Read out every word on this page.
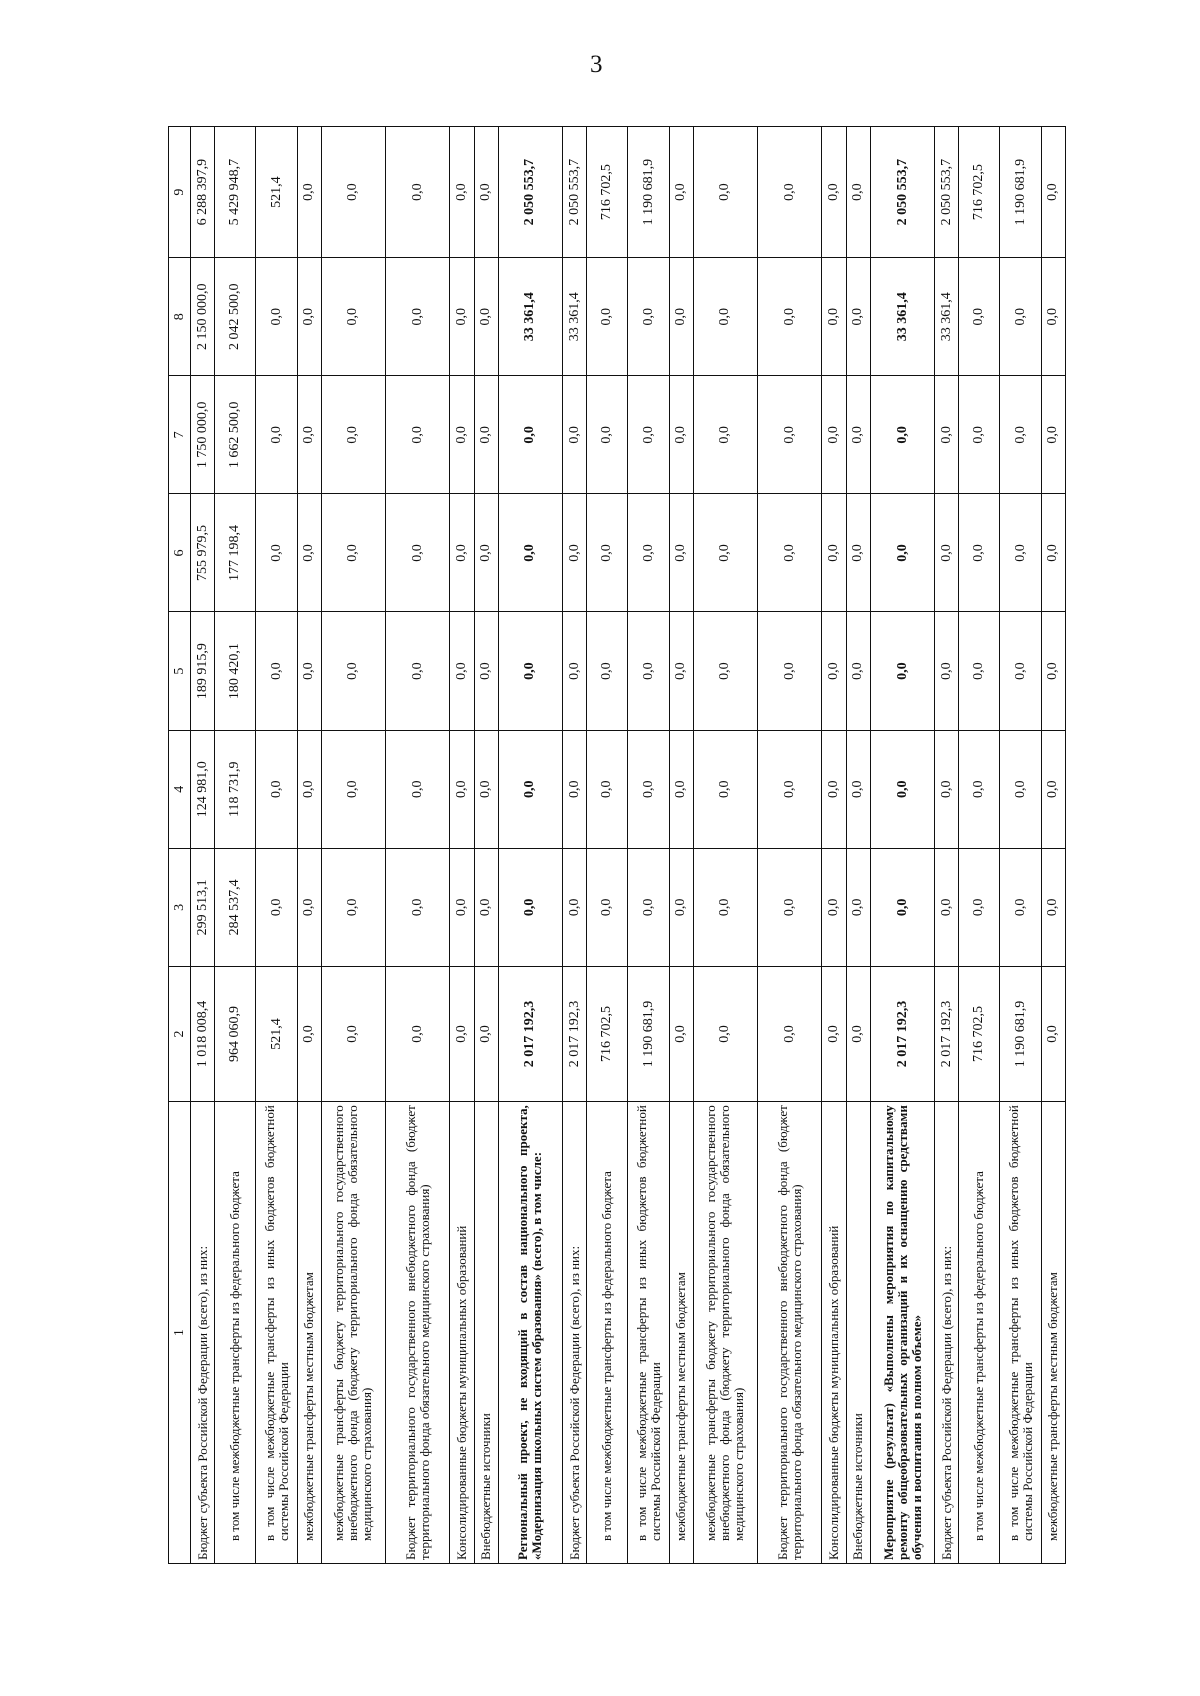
3
1	2	3	4	5	6	7	8	9
Бюджет субъекта Российской Федерации (всего), из них:	1 018 008,4	299 513,1	124 981,0	189 915,9	755 979,5	1 750 000,0	2 150 000,0	6 288 397,9
в том числе межбюджетные трансферты из федерального бюджета	964 060,9	284 537,4	118 731,9	180 420,1	177 198,4	1 662 500,0	2 042 500,0	5 429 948,7
в том числе межбюджетные трансферты из иных бюджетов бюджетной системы Российской Федерации	521,4	0,0	0,0	0,0	0,0	0,0	0,0	521,4
межбюджетные трансферты местным бюджетам	0,0	0,0	0,0	0,0	0,0	0,0	0,0	0,0
межбюджетные трансферты бюджету территориального государственного внебюджетного фонда (бюджету территориального фонда обязательного медицинского страхования)	0,0	0,0	0,0	0,0	0,0	0,0	0,0	0,0
Бюджет территориального государственного внебюджетного фонда (бюджет территориального фонда обязательного медицинского страхования)	0,0	0,0	0,0	0,0	0,0	0,0	0,0	0,0
Консолидированные бюджеты муниципальных образований	0,0	0,0	0,0	0,0	0,0	0,0	0,0	0,0
Внебюджетные источники	0,0	0,0	0,0	0,0	0,0	0,0	0,0	0,0
Региональный проект, не входящий в состав национального проекта, «Модернизация школьных систем образования» (всего), в том числе:	2 017 192,3	0,0	0,0	0,0	0,0	0,0	33 361,4	2 050 553,7
Бюджет субъекта Российской Федерации (всего), из них:	2 017 192,3	0,0	0,0	0,0	0,0	0,0	33 361,4	2 050 553,7
в том числе межбюджетные трансферты из федерального бюджета	716 702,5	0,0	0,0	0,0	0,0	0,0	0,0	716 702,5
в том числе межбюджетные трансферты из иных бюджетов бюджетной системы Российской Федерации	1 190 681,9	0,0	0,0	0,0	0,0	0,0	0,0	1 190 681,9
межбюджетные трансферты местным бюджетам	0,0	0,0	0,0	0,0	0,0	0,0	0,0	0,0
межбюджетные трансферты бюджету территориального государственного внебюджетного фонда (бюджету территориального фонда обязательного медицинского страхования)	0,0	0,0	0,0	0,0	0,0	0,0	0,0	0,0
Бюджет территориального государственного внебюджетного фонда (бюджет территориального фонда обязательного медицинского страхования)	0,0	0,0	0,0	0,0	0,0	0,0	0,0	0,0
Консолидированные бюджеты муниципальных образований	0,0	0,0	0,0	0,0	0,0	0,0	0,0	0,0
Внебюджетные источники	0,0	0,0	0,0	0,0	0,0	0,0	0,0	0,0
Мероприятие (результат) «Выполнены мероприятия по капитальному ремонту общеобразовательных организаций и их оснащению средствами обучения и воспитания в полном объеме»	2 017 192,3	0,0	0,0	0,0	0,0	0,0	33 361,4	2 050 553,7
Бюджет субъекта Российской Федерации (всего), из них:	2 017 192,3	0,0	0,0	0,0	0,0	0,0	33 361,4	2 050 553,7
в том числе межбюджетные трансферты из федерального бюджета	716 702,5	0,0	0,0	0,0	0,0	0,0	0,0	716 702,5
в том числе межбюджетные трансферты из иных бюджетов бюджетной системы Российской Федерации	1 190 681,9	0,0	0,0	0,0	0,0	0,0	0,0	1 190 681,9
межбюджетные трансферты местным бюджетам	0,0	0,0	0,0	0,0	0,0	0,0	0,0	0,0
